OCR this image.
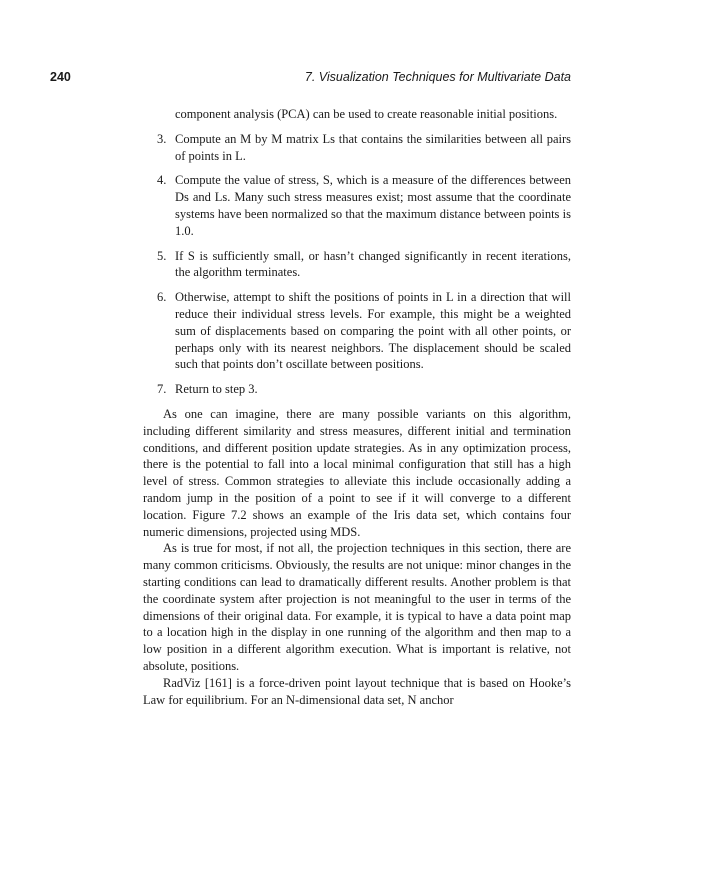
240	7. Visualization Techniques for Multivariate Data

component analysis (PCA) can be used to create reasonable initial positions.

3. Compute an M by M matrix Ls that contains the similarities between all pairs of points in L.
4. Compute the value of stress, S, which is a measure of the differences between Ds and Ls. Many such stress measures exist; most assume that the coordinate systems have been normalized so that the maximum distance between points is 1.0.
5. If S is sufficiently small, or hasn’t changed significantly in recent iterations, the algorithm terminates.
6. Otherwise, attempt to shift the positions of points in L in a direction that will reduce their individual stress levels. For example, this might be a weighted sum of displacements based on comparing the point with all other points, or perhaps only with its nearest neighbors. The displacement should be scaled such that points don’t oscillate between positions.
7. Return to step 3.

As one can imagine, there are many possible variants on this algorithm, including different similarity and stress measures, different initial and termination conditions, and different position update strategies. As in any optimization process, there is the potential to fall into a local minimal configuration that still has a high level of stress. Common strategies to alleviate this include occasionally adding a random jump in the position of a point to see if it will converge to a different location. Figure 7.2 shows an example of the Iris data set, which contains four numeric dimensions, projected using MDS.

As is true for most, if not all, the projection techniques in this section, there are many common criticisms. Obviously, the results are not unique: minor changes in the starting conditions can lead to dramatically different results. Another problem is that the coordinate system after projection is not meaningful to the user in terms of the dimensions of their original data. For example, it is typical to have a data point map to a location high in the display in one running of the algorithm and then map to a low position in a different algorithm execution. What is important is relative, not absolute, positions.

RadViz [161] is a force-driven point layout technique that is based on Hooke’s Law for equilibrium. For an N-dimensional data set, N anchor
